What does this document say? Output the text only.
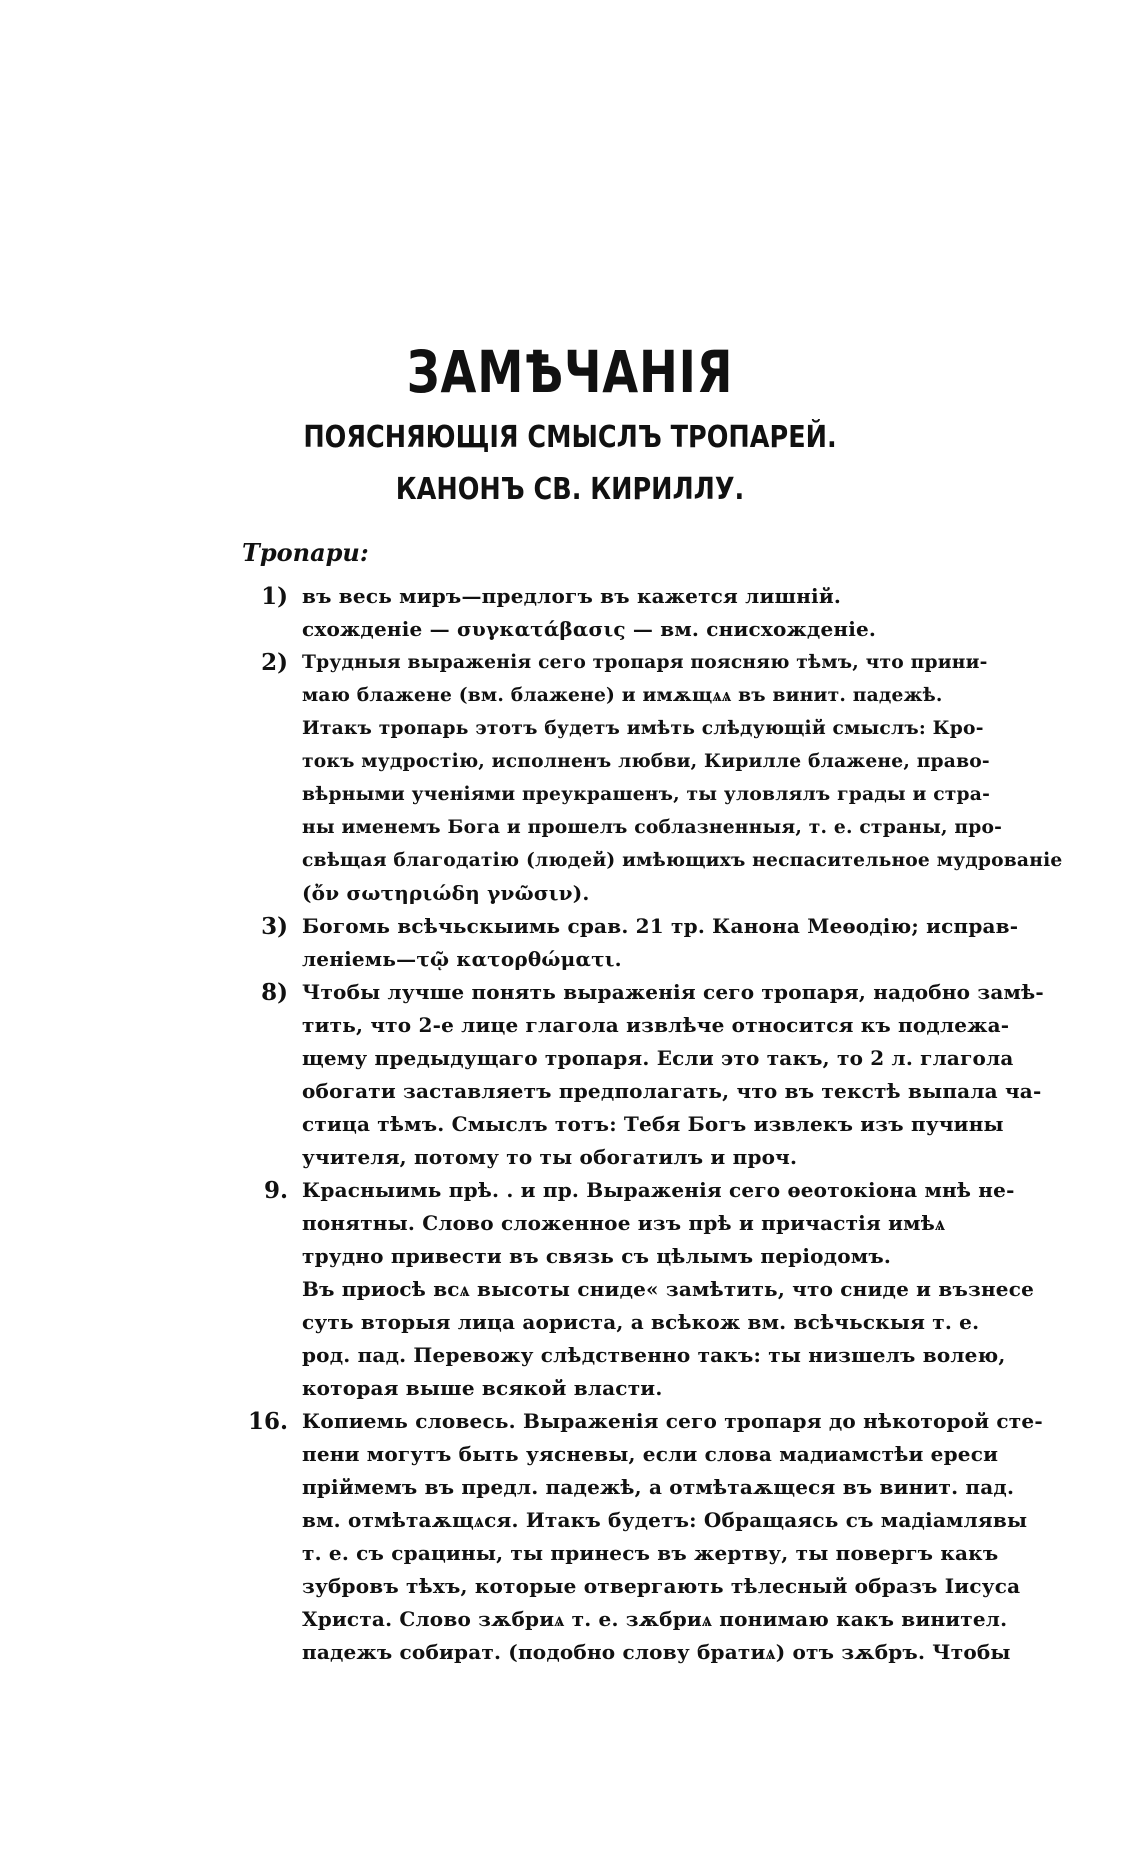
ЗАМѢЧАНІЯ
ПОЯСНЯЮЩІЯ СМЫСЛЪ ТРОПАРЕЙ.
КАНОНЪ СВ. КИРИЛЛУ.
Тропари:
1) въ весь миръ—предлогъ въ кажется лишній.
схожденіе — συγκατάβασις — вм. снисхожденіе.
2) Трудныя выраженія сего тропаря поясняю тѣмъ, что прини-
маю блажене (вм. блажене) и имѫщѧѧ въ винит. падежѣ.
Итакъ тропарь этотъ будетъ имѣть слѣдующій смыслъ: Кро-
токъ мудростію, исполненъ любви, Кирилле блажене, право-
вѣрными ученіями преукрашенъ, ты уловлялъ грады и стра-
ны именемъ Бога и прошелъ соблазненныя, т. е. страны, про-
свѣщая благодатію (людей) имѣющихъ неспасительное мудрованіе
(ὄν σωτηριώδη γνῶσιν).
3) Богомь всѣчьскыимь срав. 21 тр. Канона Меѳодію; исправ-
леніемь—τῷ κατορθώματι.
8) Чтобы лучше понять выраженія сего тропаря, надобно замѣ-
тить, что 2-е лице глагола извлѣче относится къ подлежа-
щему предыдущаго тропаря. Если это такъ, то 2 л. глагола
обогати заставляетъ предполагать, что въ текстѣ выпала ча-
стица тѣмъ. Смыслъ тотъ: Тебя Богъ извлекъ изъ пучины
учителя, потому то ты обогатилъ и проч.
9. Красныимь прѣ. . и пр. Выраженія сего ѳеотокіона мнѣ не-
понятны. Слово сложенное изъ прѣ и причастія имѣѧ
трудно привести въ связь съ цѣлымъ періодомъ.
Въ приосѣ всѧ высоты сниде« замѣтить, что сниде и възнесе
суть вторыя лица аориста, а всѣкож вм. всѣчьскыя т. е.
род. пад. Перевожу слѣдственно такъ: ты низшелъ волею,
которая выше всякой власти.
16. Копиемь словесь. Выраженія сего тропаря до нѣкоторой сте-
пени могутъ быть уясневы, если слова мадиамстѣи ереси
пріймемъ въ предл. падежѣ, а отмѣтаѫщеся въ винит. пад.
вм. отмѣтаѫщѧся. Итакъ будетъ: Обращаясь съ мадіамлявы
т. е. съ срацины, ты принесъ въ жертву, ты повергъ какъ
зубровъ тѣхъ, которые отвергають тѣлесный образъ Іисуса
Христа. Слово зѫбриѧ т. е. зѫбриѧ понимаю какъ винител.
падежъ собират. (подобно слову братиѧ) отъ зѫбръ. Чтобы
